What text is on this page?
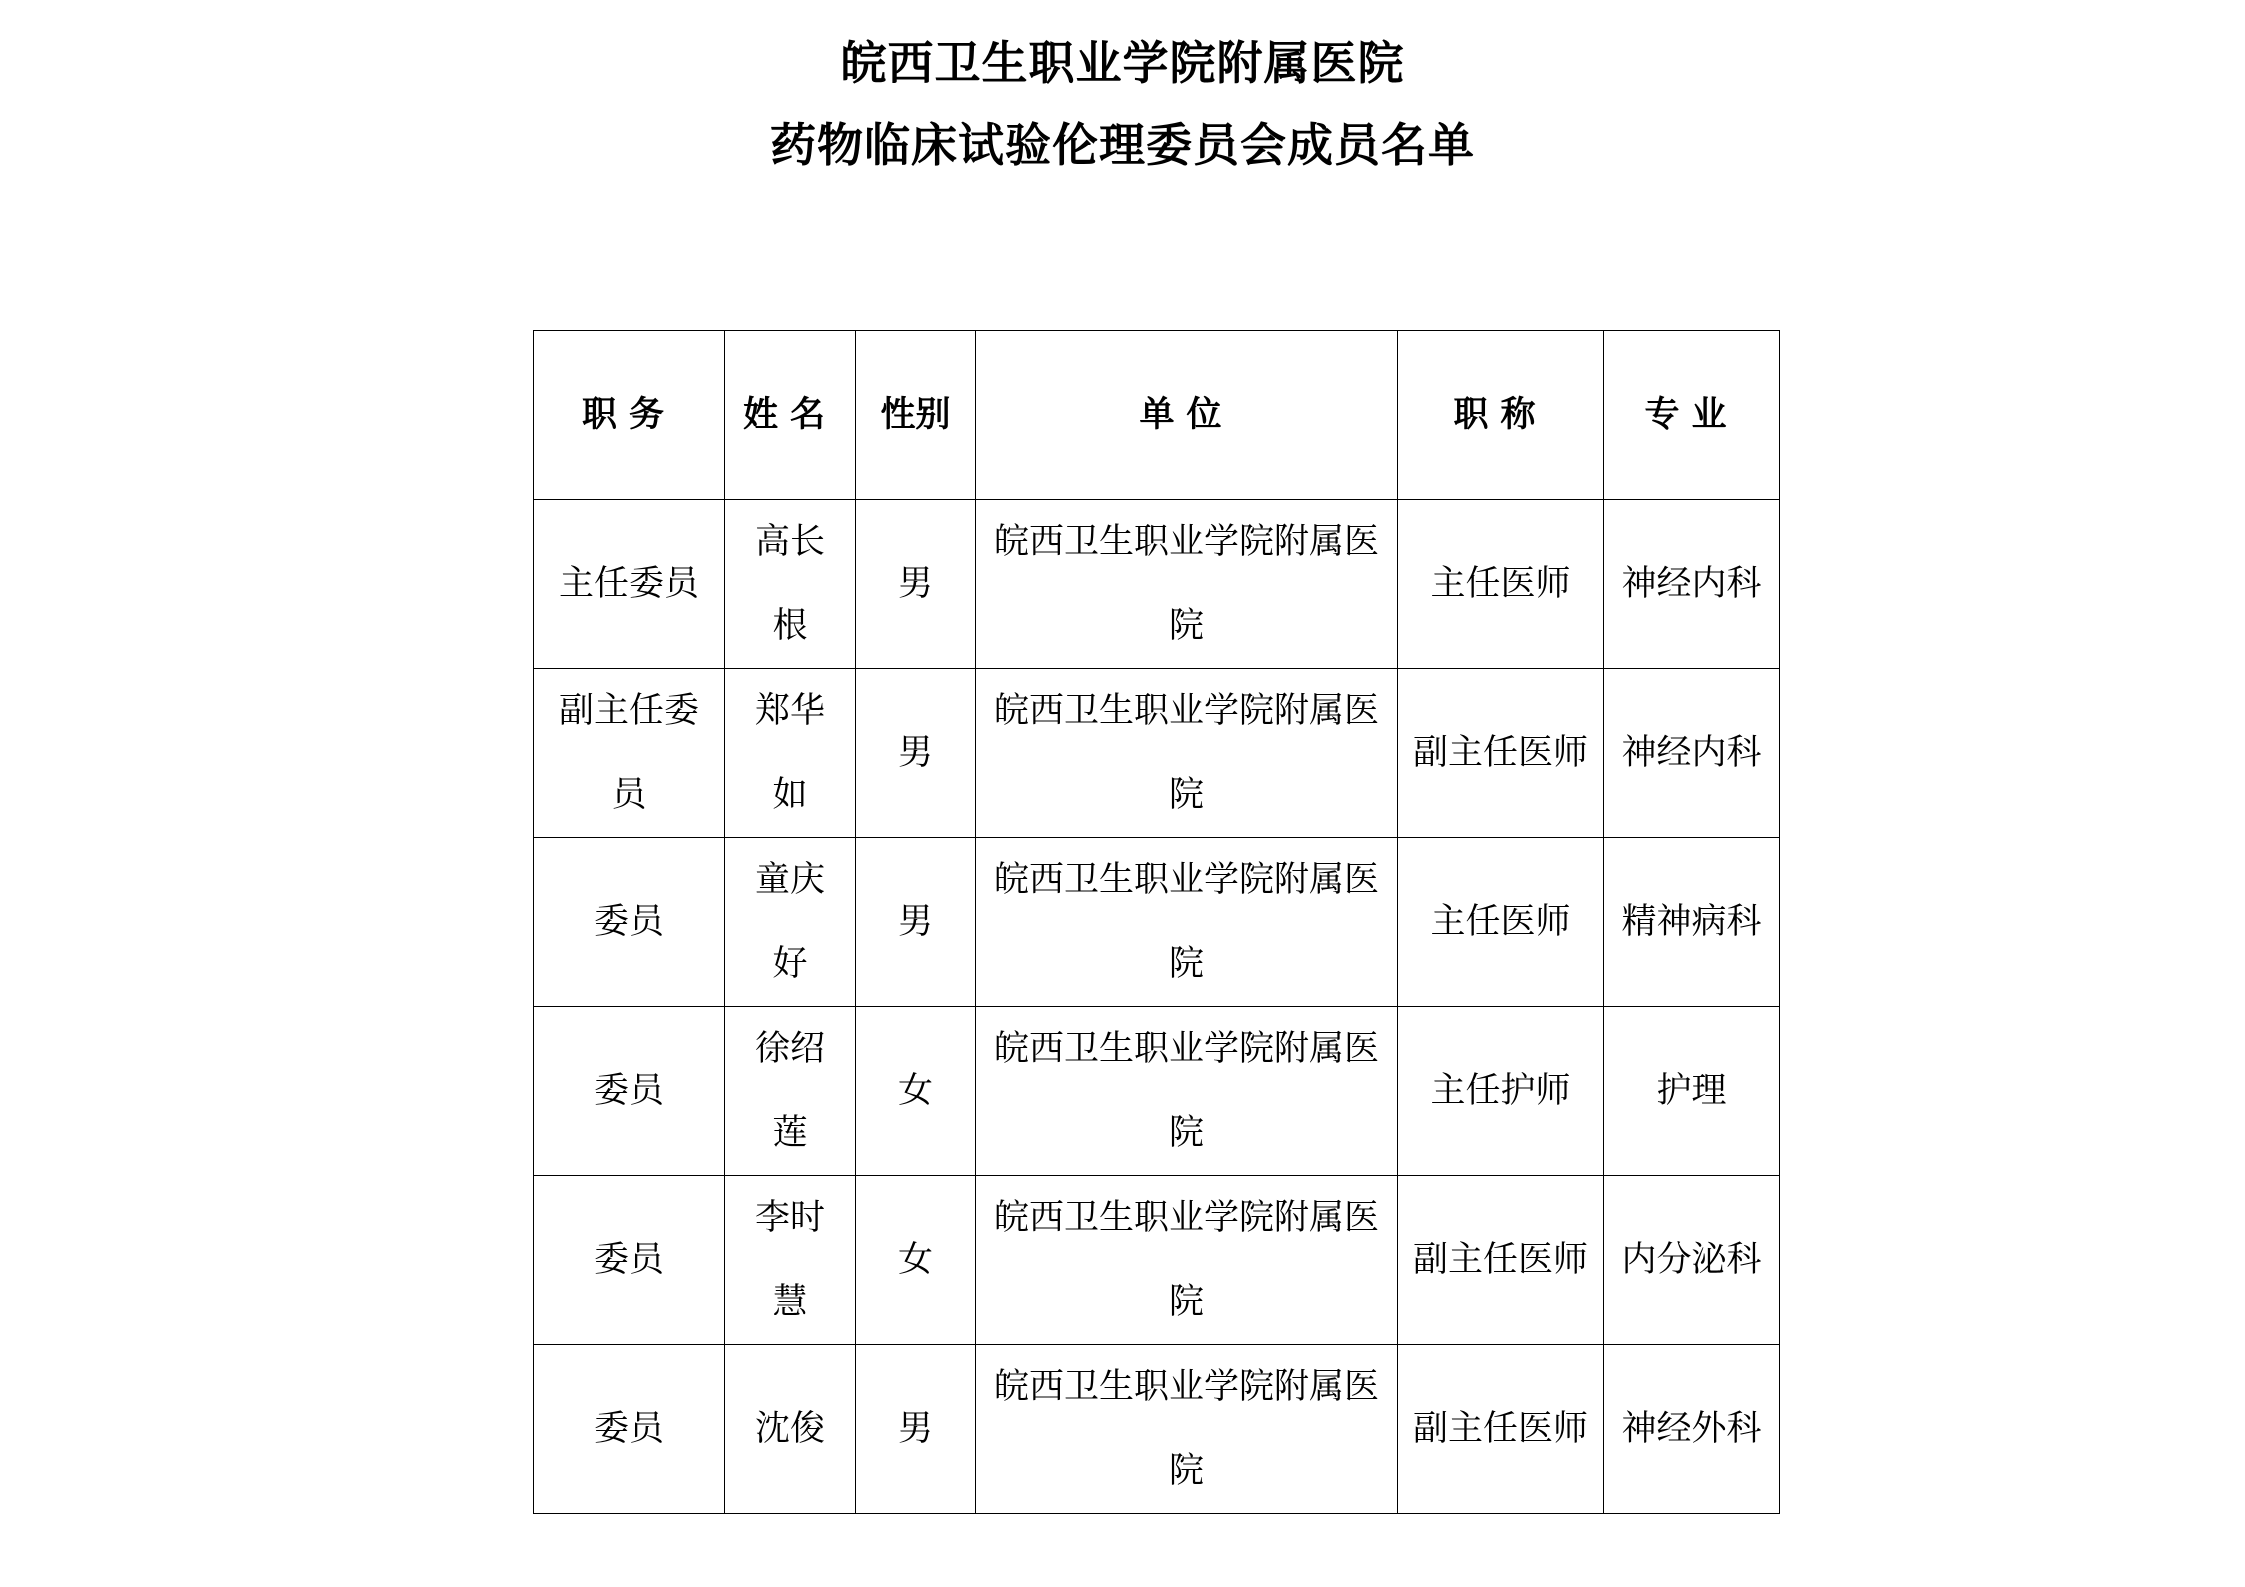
皖西卫生职业学院附属医院
药物临床试验伦理委员会成员名单
职务	姓名	性别	单位	职称	专业
主任委员	高长根	男	皖西卫生职业学院附属医院	主任医师	神经内科
副主任委员	郑华如	男	皖西卫生职业学院附属医院	副主任医师	神经内科
委员	童庆好	男	皖西卫生职业学院附属医院	主任医师	精神病科
委员	徐绍莲	女	皖西卫生职业学院附属医院	主任护师	护理
委员	李时慧	女	皖西卫生职业学院附属医院	副主任医师	内分泌科
委员	沈俊	男	皖西卫生职业学院附属医院	副主任医师	神经外科
